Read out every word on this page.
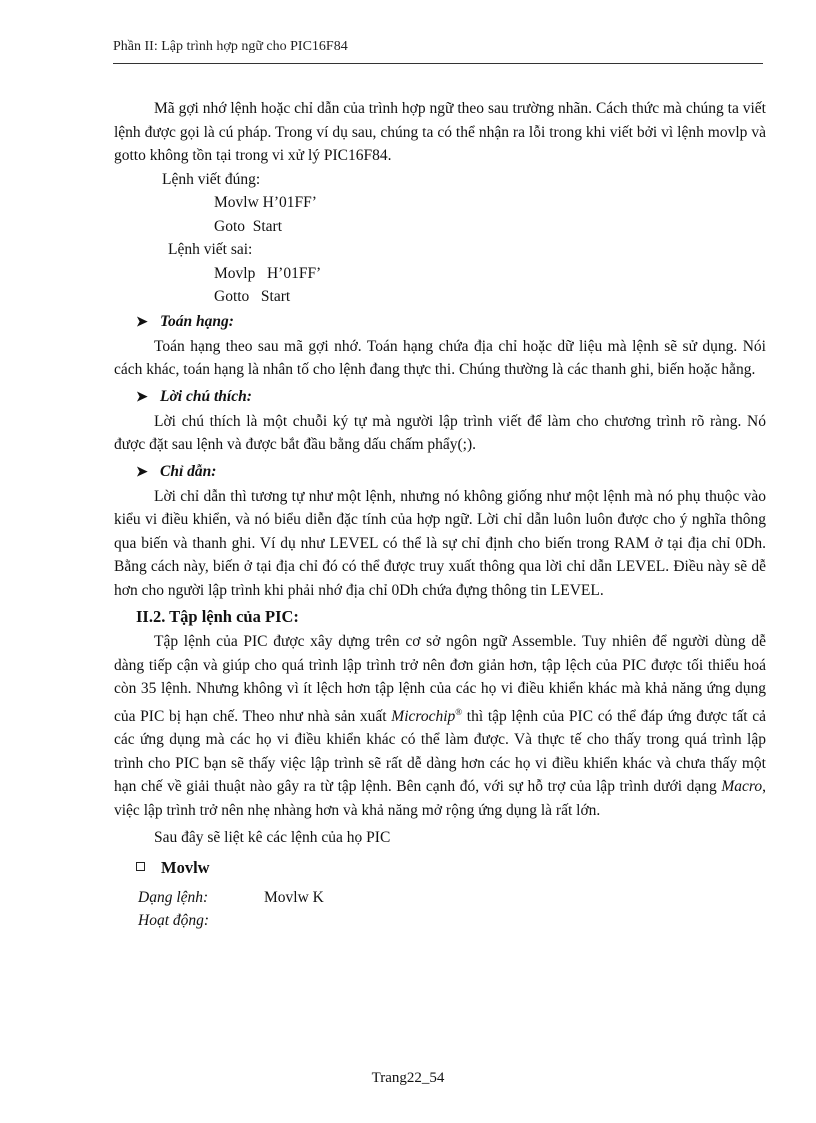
Phần II: Lập trình hợp ngữ cho PIC16F84

Mã gợi nhớ lệnh hoặc chỉ dẫn của trình hợp ngữ theo sau trường nhãn. Cách thức mà chúng ta viết lệnh được gọi là cú pháp. Trong ví dụ sau, chúng ta có thể nhận ra lỗi trong khi viết bởi vì lệnh movlp và gotto không tồn tại trong vi xử lý PIC16F84.

Lệnh viết đúng:

Movlw H’01FF’

Goto  Start

Lệnh viết sai:

Movlp   H’01FF’

Gotto   Start

➤ Toán hạng:

Toán hạng theo sau mã gợi nhớ. Toán hạng chứa địa chỉ hoặc dữ liệu mà lệnh sẽ sử dụng. Nói cách khác, toán hạng là nhân tố cho lệnh đang thực thi. Chúng thường là các thanh ghi, biến hoặc hằng.

➤ Lời chú thích:

Lời chú thích là một chuỗi ký tự mà người lập trình viết để làm cho chương trình rõ ràng. Nó được đặt sau lệnh và được bắt đầu bằng dấu chấm phẩy(;).

➤ Chỉ dẫn:

Lời chỉ dẫn thì tương tự như một lệnh, nhưng nó không giống như một lệnh mà nó phụ thuộc vào kiểu vi điều khiển, và nó biểu diễn đặc tính của hợp ngữ. Lời chỉ dẫn luôn luôn được cho ý nghĩa thông qua biến và thanh ghi. Ví dụ như LEVEL có thể là sự chỉ định cho biến trong RAM ở tại địa chỉ 0Dh. Bằng cách này, biến ở tại địa chỉ đó có thể được truy xuất thông qua lời chỉ dẫn LEVEL. Điều này sẽ dễ hơn cho người lập trình khi phải nhớ địa chỉ 0Dh chứa đựng thông tin LEVEL.

II.2. Tập lệnh của PIC:

Tập lệnh của PIC được xây dựng trên cơ sở ngôn ngữ Assemble. Tuy nhiên để người dùng dễ dàng tiếp cận và giúp cho quá trình lập trình trở nên đơn giản hơn, tập lệch của PIC được tối thiểu hoá còn 35 lệnh. Nhưng không vì ít lệch hơn tập lệnh của các họ vi điều khiển khác mà khả năng ứng dụng của PIC bị hạn chế. Theo như nhà sản xuất Microchip® thì tập lệnh của PIC có thể đáp ứng được tất cả các ứng dụng mà các họ vi điều khiển khác có thể làm được. Và thực tế cho thấy trong quá trình lập trình cho PIC bạn sẽ thấy việc lập trình sẽ rất dễ dàng hơn các họ vi điều khiển khác và chưa thấy một hạn chế về giải thuật nào gây ra từ tập lệnh. Bên cạnh đó, với sự hỗ trợ của lập trình dưới dạng Macro, việc lập trình trở nên nhẹ nhàng hơn và khả năng mở rộng ứng dụng là rất lớn.

Sau đây sẽ liệt kê các lệnh của họ PIC

Movlw

Dạng lệnh:	Movlw K

Hoạt động:

Trang22_54
